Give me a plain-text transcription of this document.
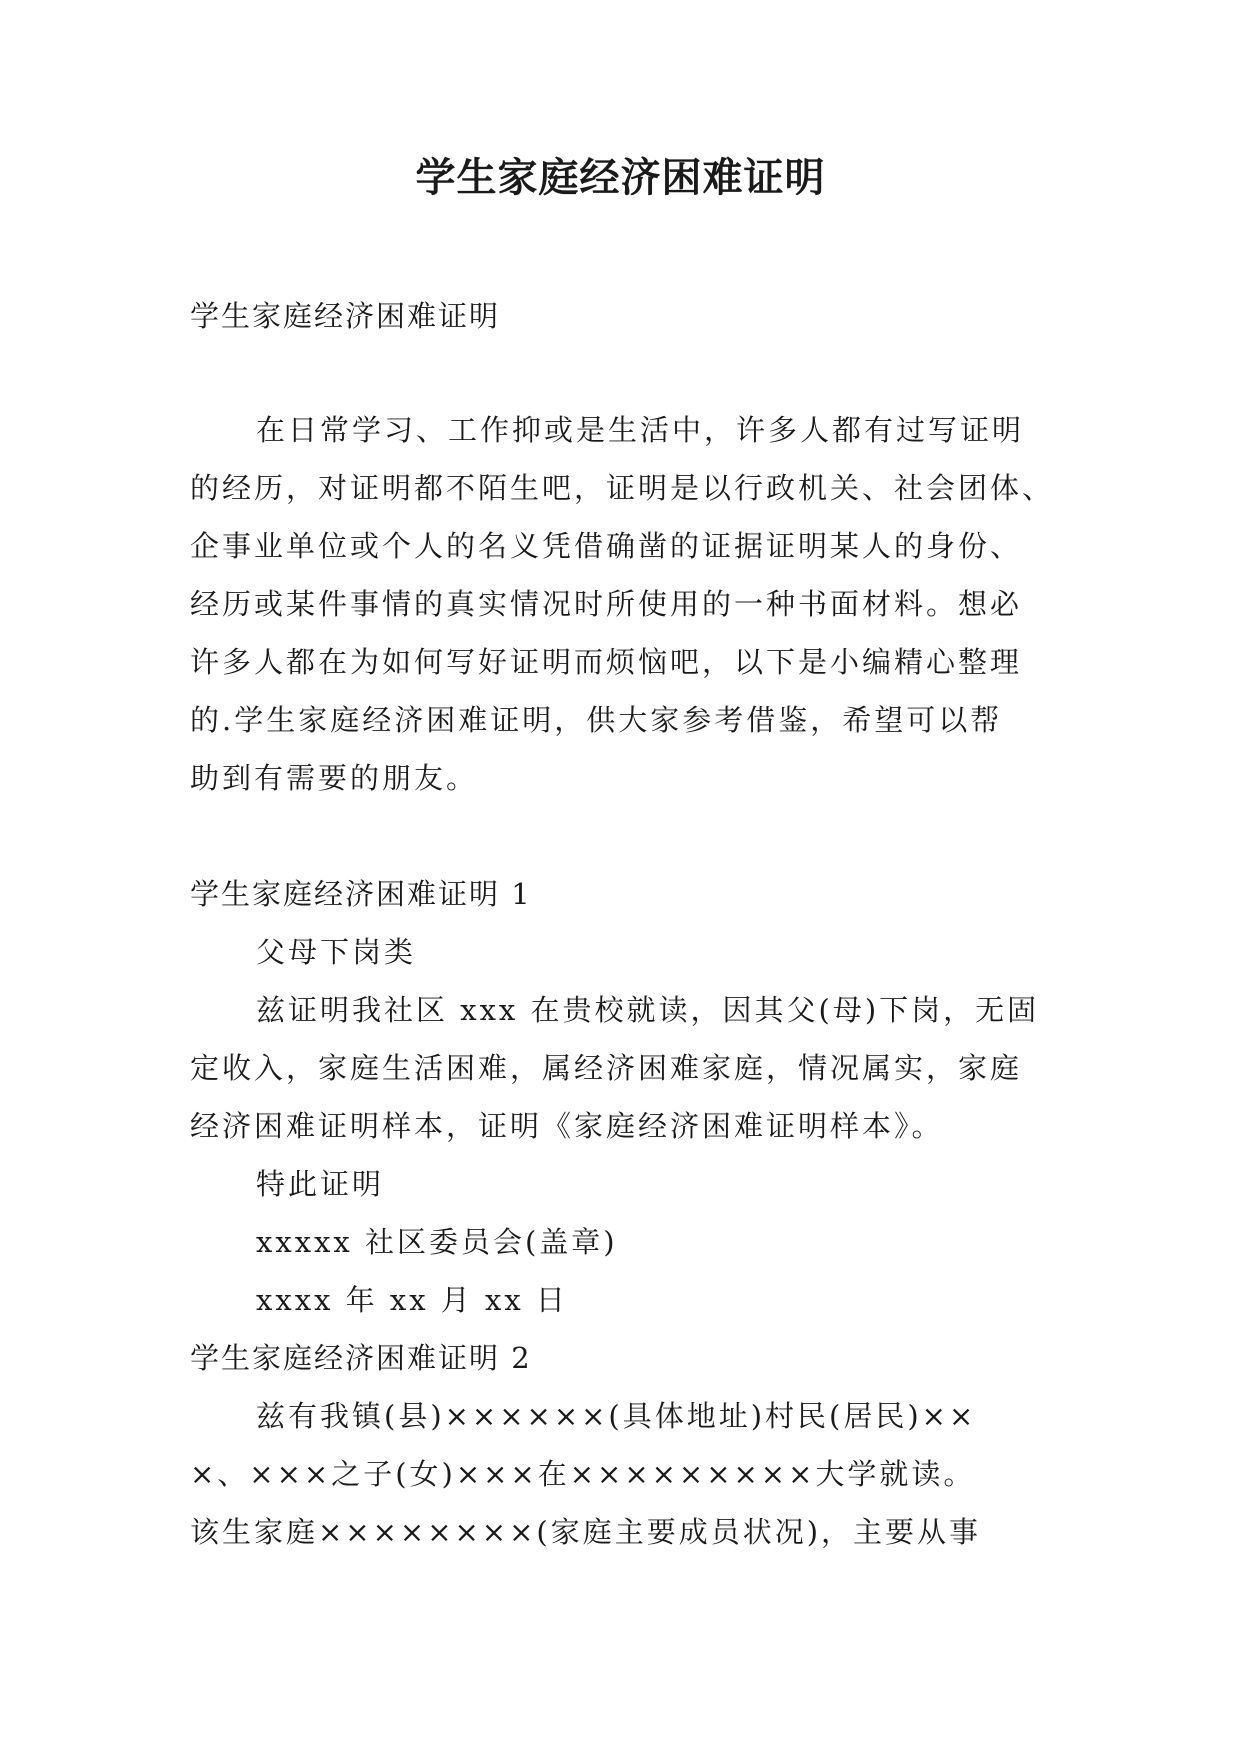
学生家庭经济困难证明
学生家庭经济困难证明
在日常学习、工作抑或是生活中，许多人都有过写证明
的经历，对证明都不陌生吧，证明是以行政机关、社会团体、
企事业单位或个人的名义凭借确凿的证据证明某人的身份、
经历或某件事情的真实情况时所使用的一种书面材料。想必
许多人都在为如何写好证明而烦恼吧，以下是小编精心整理
的.学生家庭经济困难证明，供大家参考借鉴，希望可以帮
助到有需要的朋友。
学生家庭经济困难证明 1
父母下岗类
兹证明我社区 xxx 在贵校就读，因其父(母)下岗，无固
定收入，家庭生活困难，属经济困难家庭，情况属实，家庭
经济困难证明样本，证明《家庭经济困难证明样本》。
特此证明
xxxxx 社区委员会(盖章)
xxxx 年 xx 月 xx 日
学生家庭经济困难证明 2
兹有我镇(县)××××××(具体地址)村民(居民)××
×、×××之子(女)×××在×××××××××大学就读。
该生家庭××××××××(家庭主要成员状况)，主要从事
